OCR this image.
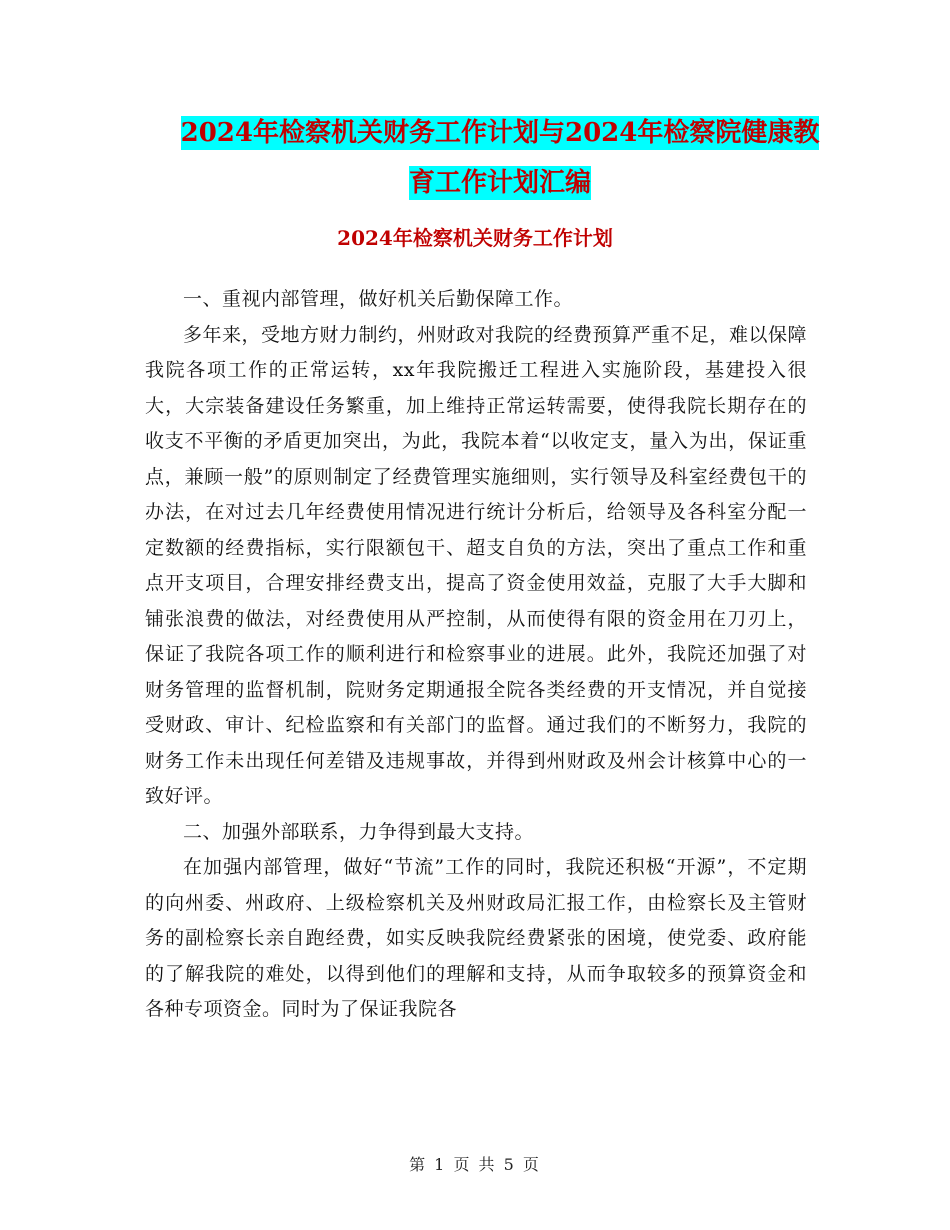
2024年检察机关财务工作计划与2024年检察院健康教
育工作计划汇编
2024年检察机关财务工作计划

一、重视内部管理，做好机关后勤保障工作。

多年来，受地方财力制约，州财政对我院的经费预算严重不足，难以保障我院各项工作的正常运转，xx年我院搬迁工程进入实施阶段，基建投入很大，大宗装备建设任务繁重，加上维持正常运转需要，使得我院长期存在的收支不平衡的矛盾更加突出，为此，我院本着“以收定支，量入为出，保证重点，兼顾一般”的原则制定了经费管理实施细则，实行领导及科室经费包干的办法，在对过去几年经费使用情况进行统计分析后，给领导及各科室分配一定数额的经费指标，实行限额包干、超支自负的方法，突出了重点工作和重点开支项目，合理安排经费支出，提高了资金使用效益，克服了大手大脚和铺张浪费的做法，对经费使用从严控制，从而使得有限的资金用在刀刃上，保证了我院各项工作的顺利进行和检察事业的进展。此外，我院还加强了对财务管理的监督机制，院财务定期通报全院各类经费的开支情况，并自觉接受财政、审计、纪检监察和有关部门的监督。通过我们的不断努力，我院的财务工作未出现任何差错及违规事故，并得到州财政及州会计核算中心的一致好评。

二、加强外部联系，力争得到最大支持。

在加强内部管理，做好“节流”工作的同时，我院还积极“开源”，不定期的向州委、州政府、上级检察机关及州财政局汇报工作，由检察长及主管财务的副检察长亲自跑经费，如实反映我院经费紧张的困境，使党委、政府能的了解我院的难处，以得到他们的理解和支持，从而争取较多的预算资金和各种专项资金。同时为了保证我院各

第 1 页 共 5 页
